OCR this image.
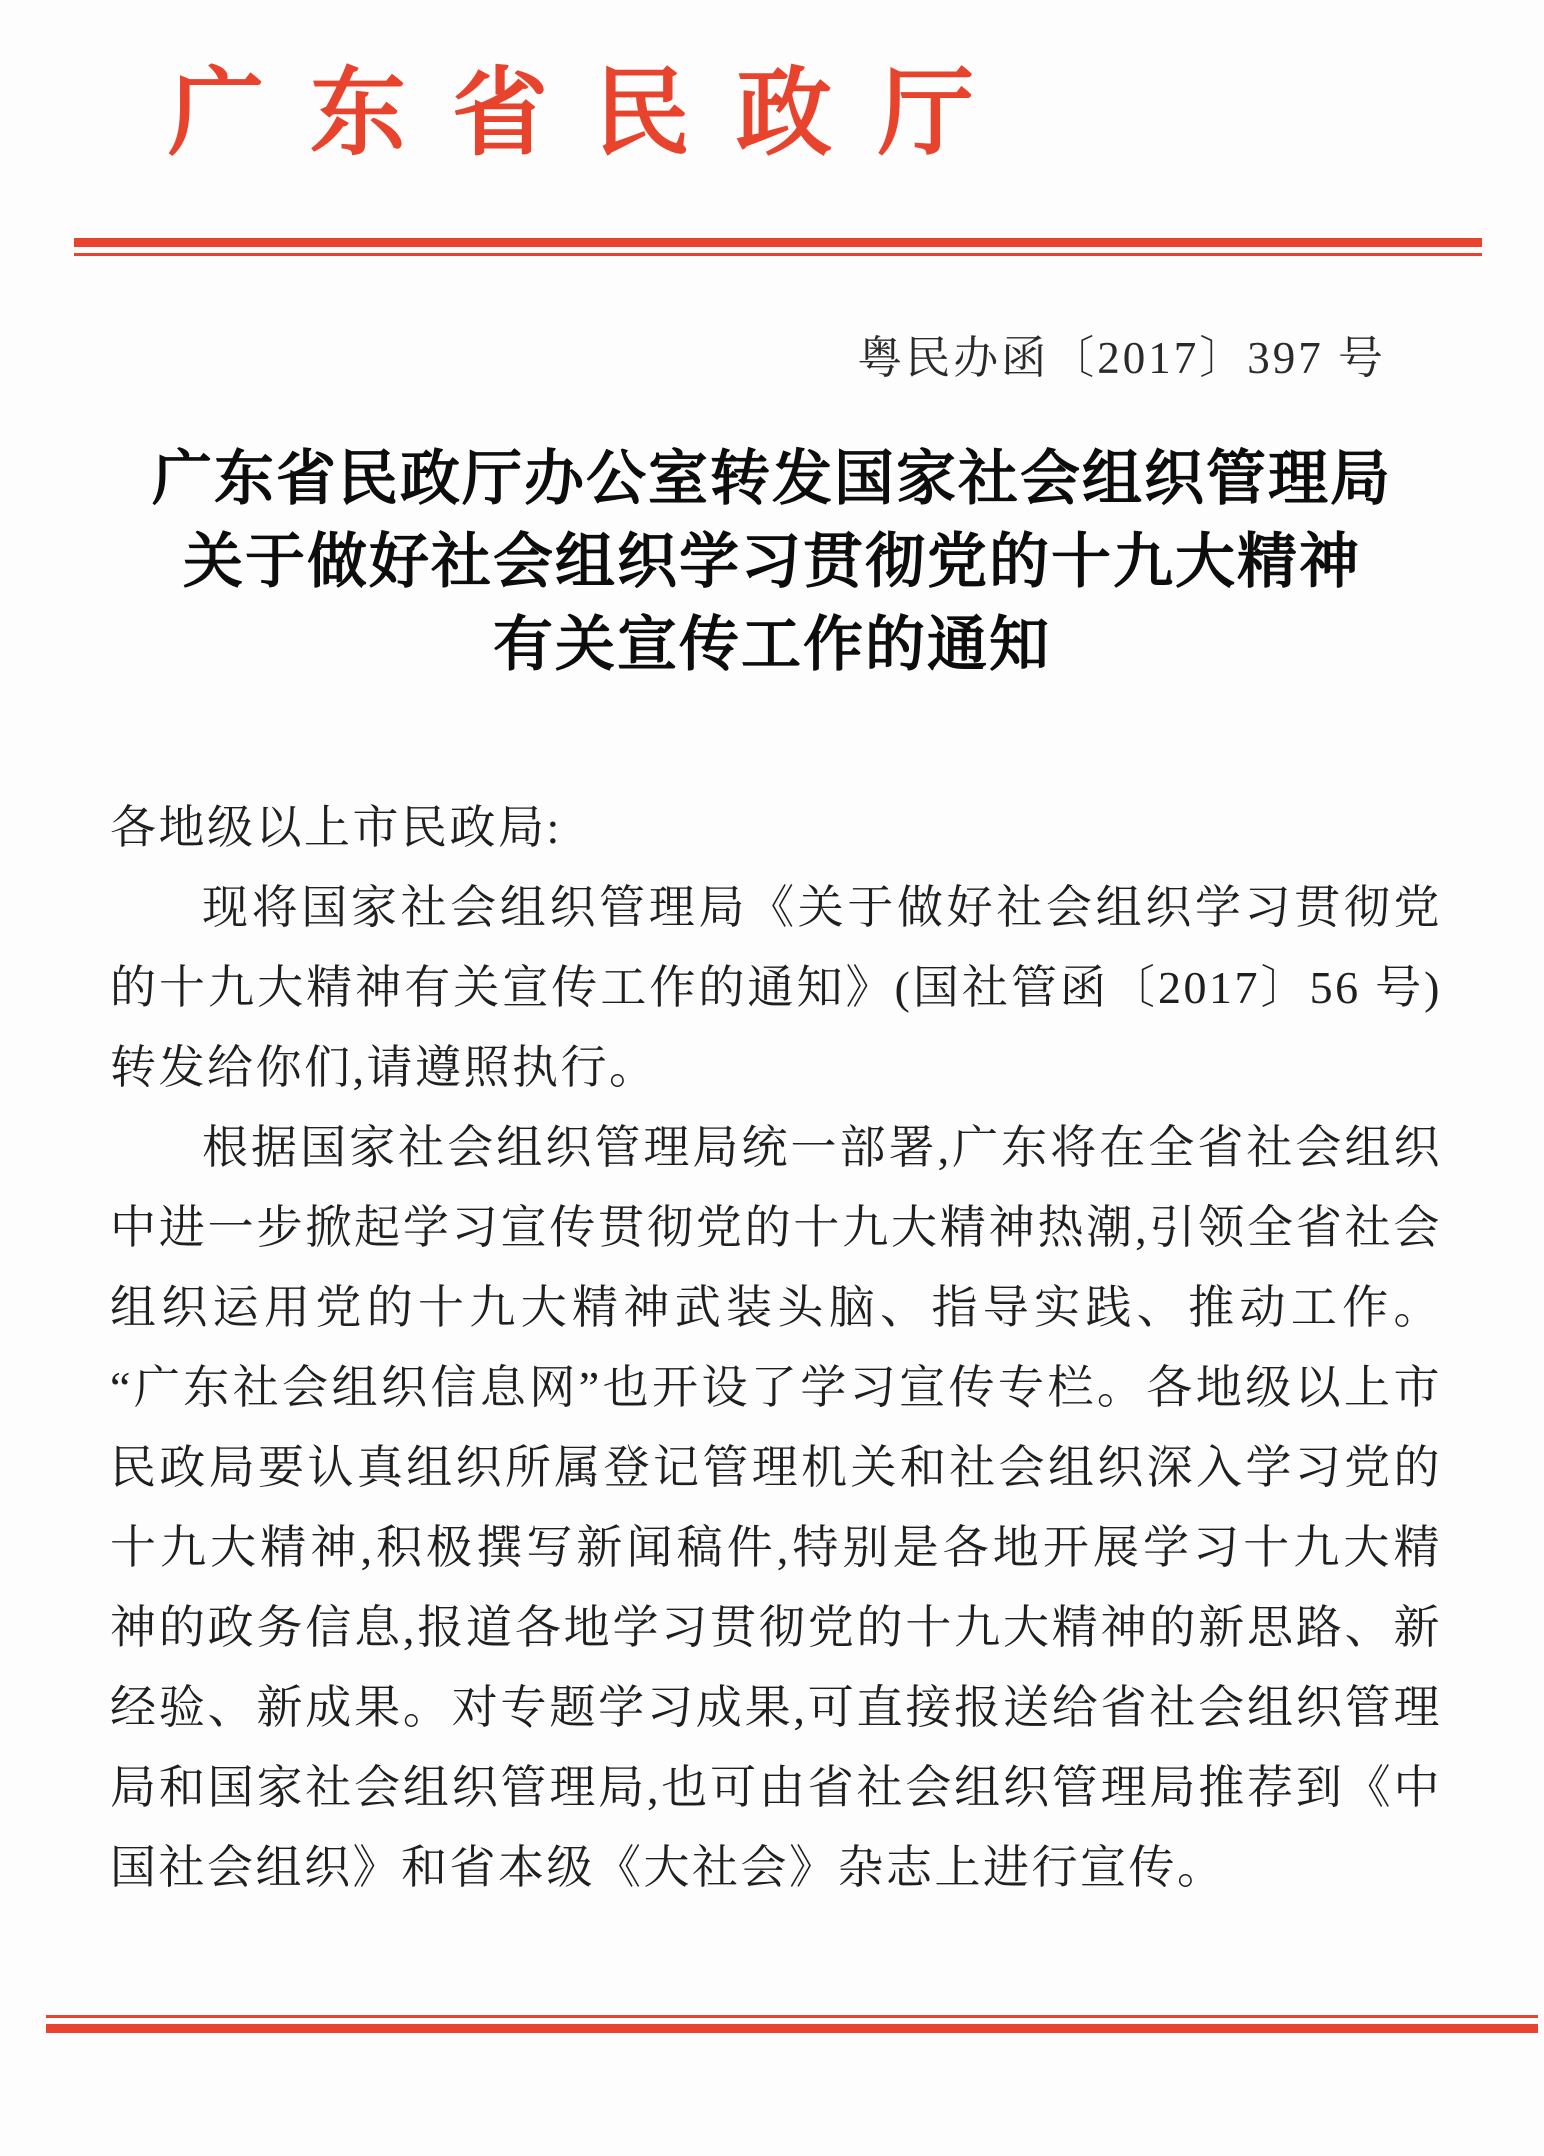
广东省民政厅
粤民办函〔2017〕397 号
广东省民政厅办公室转发国家社会组织管理局
关于做好社会组织学习贯彻党的十九大精神
有关宣传工作的通知

各地级以上市民政局:

现将国家社会组织管理局《关于做好社会组织学习贯彻党的十九大精神有关宣传工作的通知》(国社管函〔2017〕56 号)转发给你们,请遵照执行。

根据国家社会组织管理局统一部署,广东将在全省社会组织中进一步掀起学习宣传贯彻党的十九大精神热潮,引领全省社会组织运用党的十九大精神武装头脑、指导实践、推动工作。“广东社会组织信息网”也开设了学习宣传专栏。各地级以上市民政局要认真组织所属登记管理机关和社会组织深入学习党的十九大精神,积极撰写新闻稿件,特别是各地开展学习十九大精神的政务信息,报道各地学习贯彻党的十九大精神的新思路、新经验、新成果。对专题学习成果,可直接报送给省社会组织管理局和国家社会组织管理局,也可由省社会组织管理局推荐到《中国社会组织》和省本级《大社会》杂志上进行宣传。
